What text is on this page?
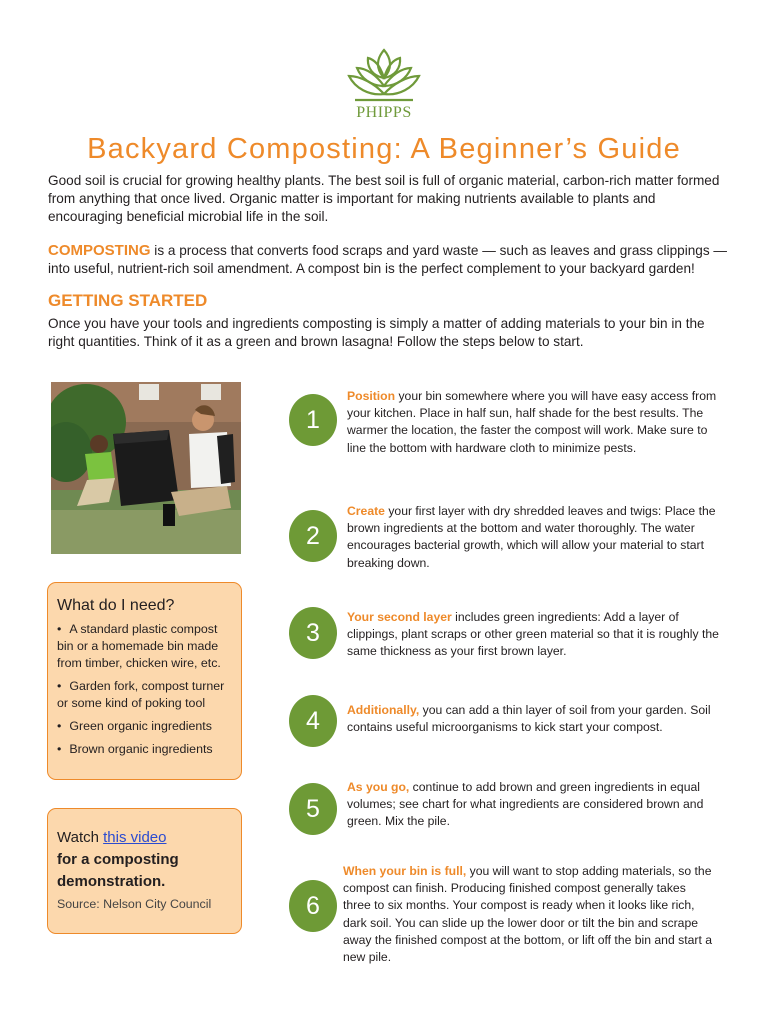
PHIPPS
Backyard Composting: A Beginner’s Guide

Good soil is crucial for growing healthy plants. The best soil is full of organic material, carbon-rich matter formed from anything that once lived. Organic matter is important for making nutrients available to plants and encouraging beneficial microbial life in the soil.

COMPOSTING is a process that converts food scraps and yard waste — such as leaves and grass clippings — into useful, nutrient-rich soil amendment. A compost bin is the perfect complement to your backyard garden!

GETTING STARTED

Once you have your tools and ingredients composting is simply a matter of adding materials to your bin in the right quantities. Think of it as a green and brown lasagna! Follow the steps below to start.

What do I need?
• A standard plastic compost bin or a homemade bin made from timber, chicken wire, etc.
• Garden fork, compost turner or some kind of poking tool
• Green organic ingredients
• Brown organic ingredients
Watch this video
for a composting
demonstration.
Source: Nelson City Council
1

Position your bin somewhere where you will have easy access from your kitchen. Place in half sun, half shade for the best results. The warmer the location, the faster the compost will work. Make sure to line the bottom with hardware cloth to minimize pests.

2

Create your first layer with dry shredded leaves and twigs: Place the brown ingredients at the bottom and water thoroughly. The water encourages bacterial growth, which will allow your material to start breaking down.

3

Your second layer includes green ingredients: Add a layer of clippings, plant scraps or other green material so that it is roughly the same thickness as your first brown layer.

4	Additionally, you can add a thin layer of soil from your garden. Soil contains useful microorganisms to kick start your compost.

5

As you go, continue to add brown and green ingredients in equal volumes; see chart for what ingredients are considered brown and green. Mix the pile.

6

When your bin is full, you will want to stop adding materials, so the compost can finish. Producing finished compost generally takes three to six months. Your compost is ready when it looks like rich, dark soil. You can slide up the lower door or tilt the bin and scrape away the finished compost at the bottom, or lift off the bin and start a new pile.
